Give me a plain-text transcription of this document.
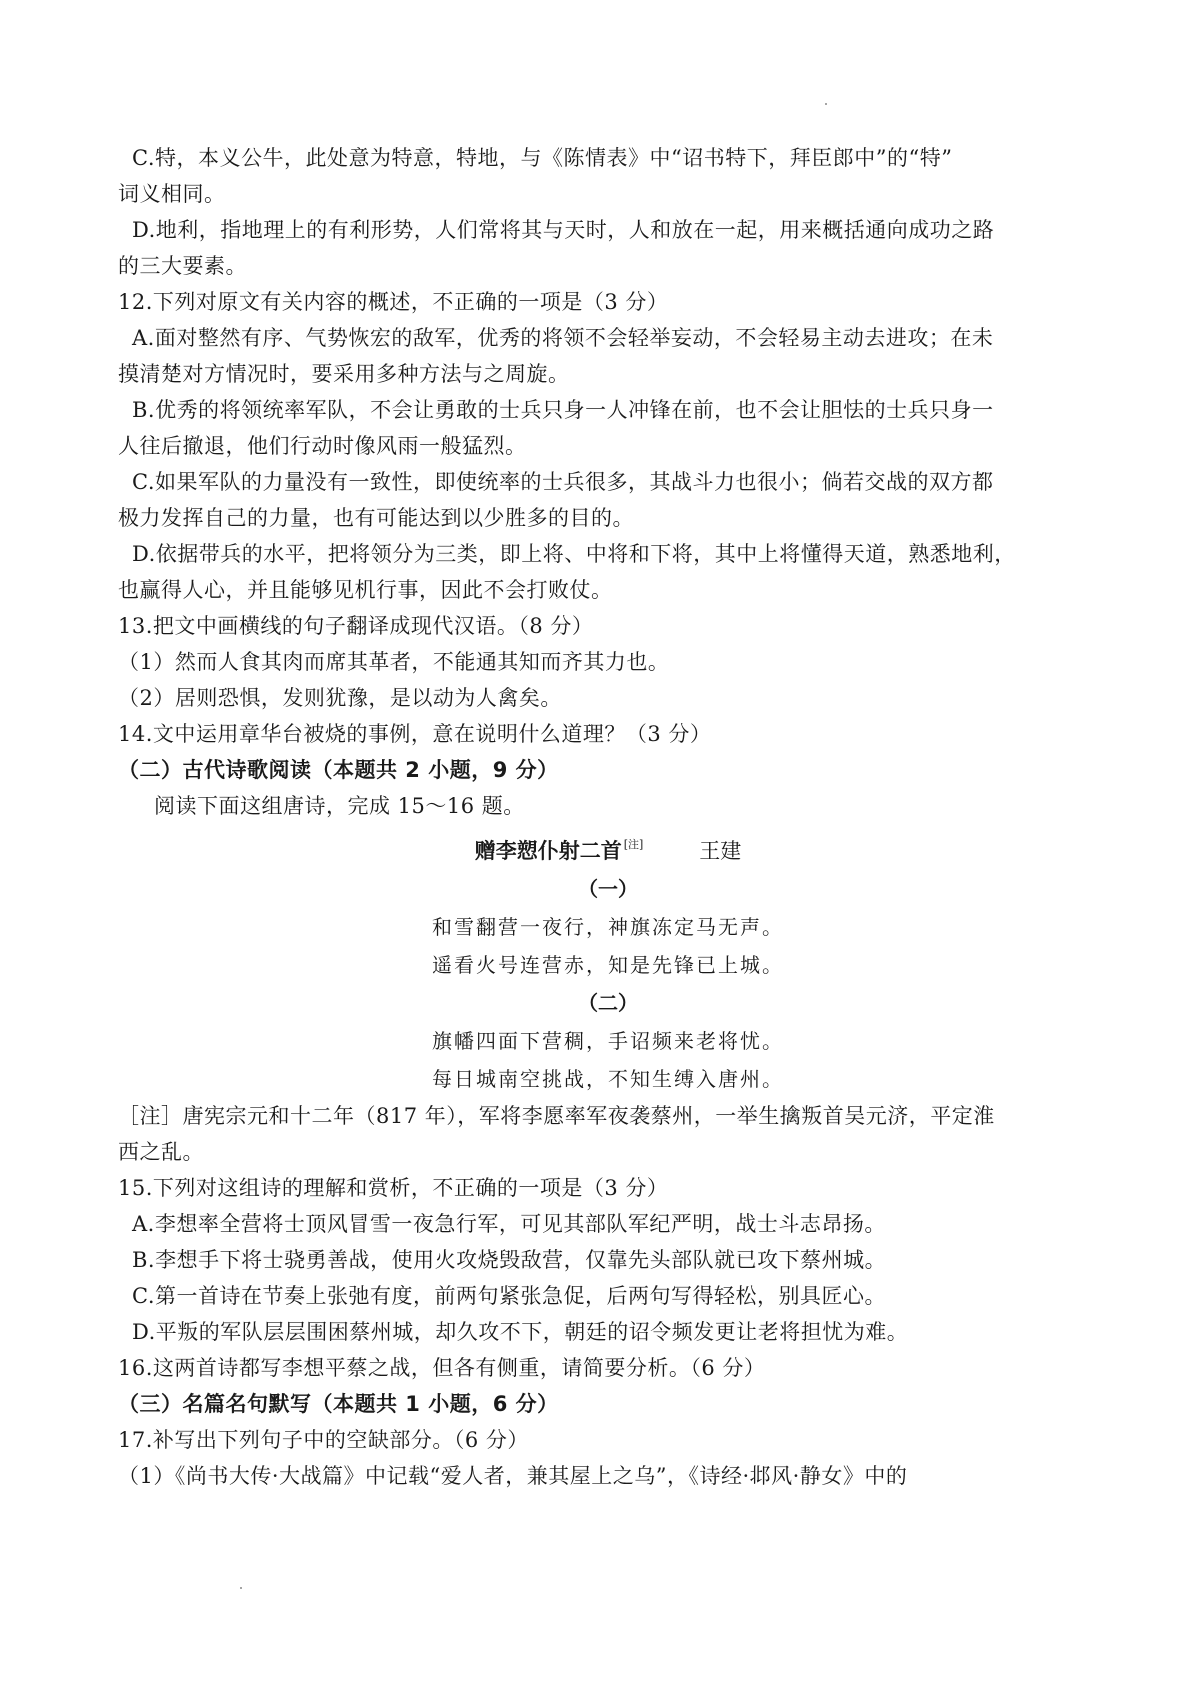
C.特，本义公牛，此处意为特意，特地，与《陈情表》中“诏书特下，拜臣郎中”的“特”
词义相同。
D.地利，指地理上的有利形势，人们常将其与天时，人和放在一起，用来概括通向成功之路
的三大要素。
12.下列对原文有关内容的概述，不正确的一项是（3 分）
A.面对整然有序、气势恢宏的敌军，优秀的将领不会轻举妄动，不会轻易主动去进攻；在未
摸清楚对方情况时，要采用多种方法与之周旋。
B.优秀的将领统率军队，不会让勇敢的士兵只身一人冲锋在前，也不会让胆怯的士兵只身一
人往后撤退，他们行动时像风雨一般猛烈。
C.如果军队的力量没有一致性，即使统率的士兵很多，其战斗力也很小；倘若交战的双方都
极力发挥自己的力量，也有可能达到以少胜多的目的。
D.依据带兵的水平，把将领分为三类，即上将、中将和下将，其中上将懂得天道，熟悉地利，
也赢得人心，并且能够见机行事，因此不会打败仗。
13.把文中画横线的句子翻译成现代汉语。（8 分）
（1）然而人食其肉而席其革者，不能通其知而齐其力也。
（2）居则恐惧，发则犹豫，是以动为人禽矣。
14.文中运用章华台被烧的事例，意在说明什么道理？（3 分）
（二）古代诗歌阅读（本题共 2 小题，9 分）
阅读下面这组唐诗，完成 15～16 题。
赠李愬仆射二首 [注]	王建
（一）
和雪翻营一夜行，神旗冻定马无声。
遥看火号连营赤，知是先锋已上城。
（二）
旗幡四面下营稠，手诏频来老将忧。
每日城南空挑战，不知生缚入唐州。
［注］唐宪宗元和十二年（817 年），军将李愿率军夜袭蔡州，一举生擒叛首吴元济，平定淮
西之乱。
15.下列对这组诗的理解和赏析，不正确的一项是（3 分）
A.李想率全营将士顶风冒雪一夜急行军，可见其部队军纪严明，战士斗志昂扬。
B.李想手下将士骁勇善战，使用火攻烧毁敌营，仅靠先头部队就已攻下蔡州城。
C.第一首诗在节奏上张弛有度，前两句紧张急促，后两句写得轻松，别具匠心。
D.平叛的军队层层围困蔡州城，却久攻不下，朝廷的诏令频发更让老将担忧为难。
16.这两首诗都写李想平蔡之战，但各有侧重，请简要分析。（6 分）
（三）名篇名句默写（本题共 1 小题，6 分）
17.补写出下列句子中的空缺部分。（6 分）
（1）《尚书大传·大战篇》中记载“爱人者，兼其屋上之乌”，《诗经·邶风·静女》中的
